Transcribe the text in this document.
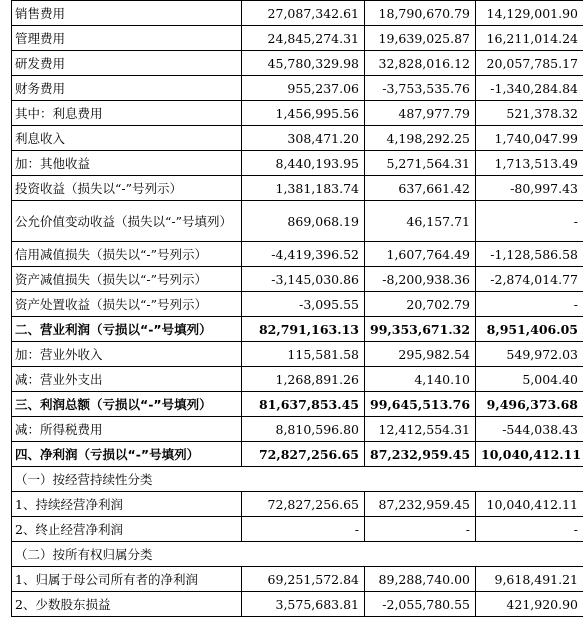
销售费用	27,087,342.61	18,790,670.79	14,129,001.90
管理费用	24,845,274.31	19,639,025.87	16,211,014.24
研发费用	45,780,329.98	32,828,016.12	20,057,785.17
财务费用	955,237.06	-3,753,535.76	-1,340,284.84
其中：利息费用	1,456,995.56	487,977.79	521,378.32
利息收入	308,471.20	4,198,292.25	1,740,047.99
加：其他收益	8,440,193.95	5,271,564.31	1,713,513.49
投资收益（损失以“-”号列示）	1,381,183.74	637,661.42	-80,997.43
公允价值变动收益（损失以“-”号填列）	869,068.19	46,157.71	-
信用减值损失（损失以“-”号列示）	-4,419,396.52	1,607,764.49	-1,128,586.58
资产减值损失（损失以“-”号列示）	-3,145,030.86	-8,200,938.36	-2,874,014.77
资产处置收益（损失以“-”号列示）	-3,095.55	20,702.79	-
二、营业利润（亏损以“-”号填列）	82,791,163.13	99,353,671.32	8,951,406.05
加：营业外收入	115,581.58	295,982.54	549,972.03
减：营业外支出	1,268,891.26	4,140.10	5,004.40
三、利润总额（亏损以“-”号填列）	81,637,853.45	99,645,513.76	9,496,373.68
减：所得税费用	8,810,596.80	12,412,554.31	-544,038.43
四、净利润（亏损以“-”号填列）	72,827,256.65	87,232,959.45	10,040,412.11
（一）按经营持续性分类			
1、持续经营净利润	72,827,256.65	87,232,959.45	10,040,412.11
2、终止经营净利润	-	-	-
（二）按所有权归属分类			
1、归属于母公司所有者的净利润	69,251,572.84	89,288,740.00	9,618,491.21
2、少数股东损益	3,575,683.81	-2,055,780.55	421,920.90
